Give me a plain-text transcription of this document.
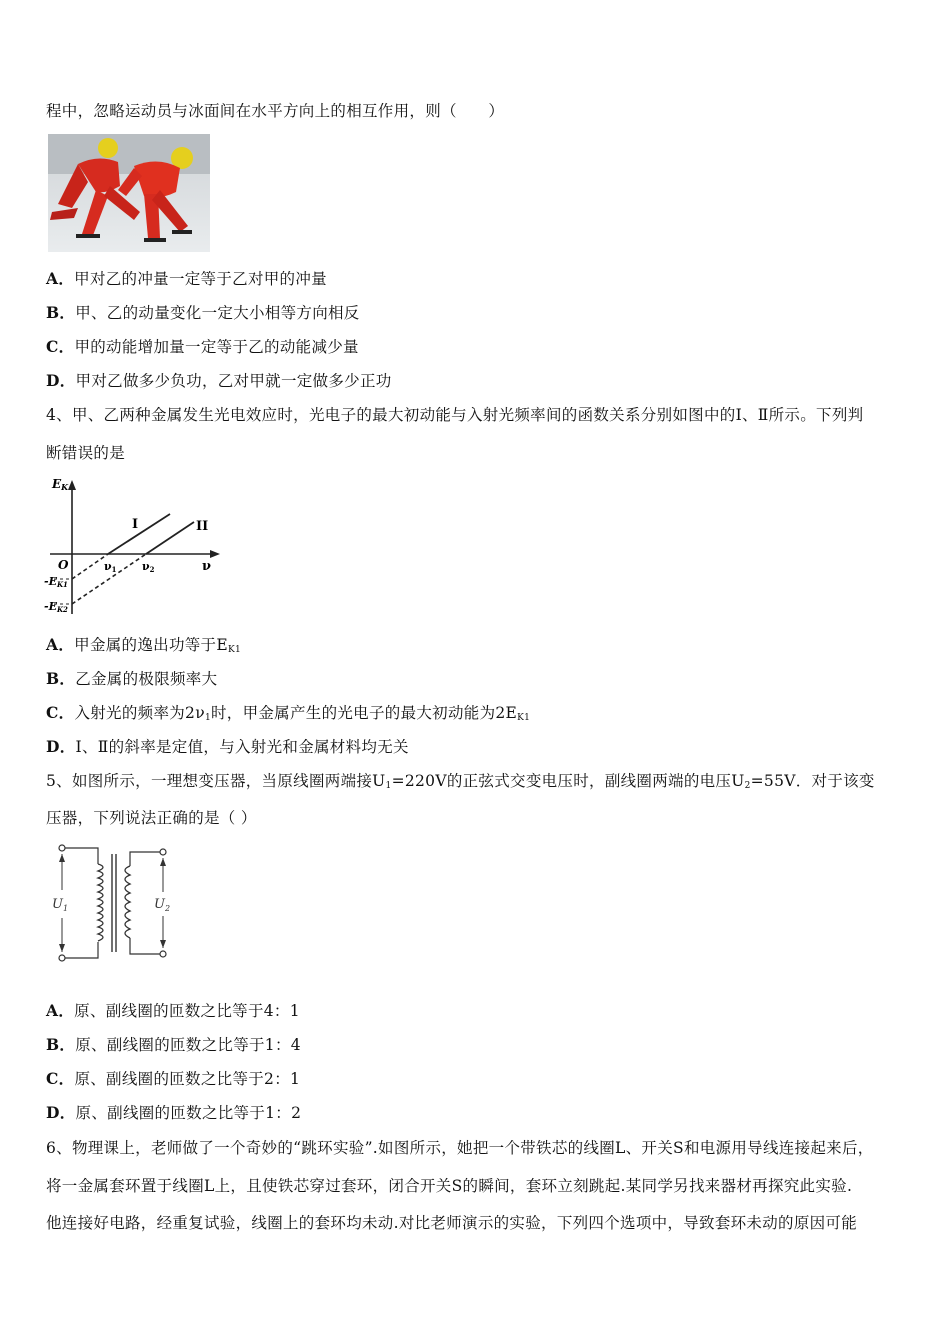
程中，忽略运动员与冰面间在水平方向上的相互作用，则（　　）
A．甲对乙的冲量一定等于乙对甲的冲量
B．甲、乙的动量变化一定大小相等方向相反
C．甲的动能增加量一定等于乙的动能减少量
D．甲对乙做多少负功，乙对甲就一定做多少正功
4、甲、乙两种金属发生光电效应时，光电子的最大初动能与入射光频率间的函数关系分别如图中的Ⅰ、Ⅱ所示。下列判
断错误的是
EK
O	ν
ν1 ν2
-EK1
-EK2
I	II
A．甲金属的逸出功等于$E_{K1}$
B．乙金属的极限频率大
C．入射光的频率为$2\nu_1$时，甲金属产生的光电子的最大初动能为$2E_{K1}$
D．Ⅰ、Ⅱ的斜率是定值，与入射光和金属材料均无关
5、如图所示，一理想变压器，当原线圈两端接$U_1=220V$的正弦式交变电压时，副线圈两端的电压$U_2=55V$．对于该变
压器，下列说法正确的是（ ）
$U_1$	$U_2$
A．原、副线圈的匝数之比等于4：1
B．原、副线圈的匝数之比等于1：4
C．原、副线圈的匝数之比等于2：1
D．原、副线圈的匝数之比等于1：2
6、物理课上，老师做了一个奇妙的“跳环实验”.如图所示，她把一个带铁芯的线圈L、开关S和电源用导线连接起来后，
将一金属套环置于线圈L上，且使铁芯穿过套环，闭合开关S的瞬间，套环立刻跳起.某同学另找来器材再探究此实验.
他连接好电路，经重复试验，线圈上的套环均未动.对比老师演示的实验，下列四个选项中，导致套环未动的原因可能
